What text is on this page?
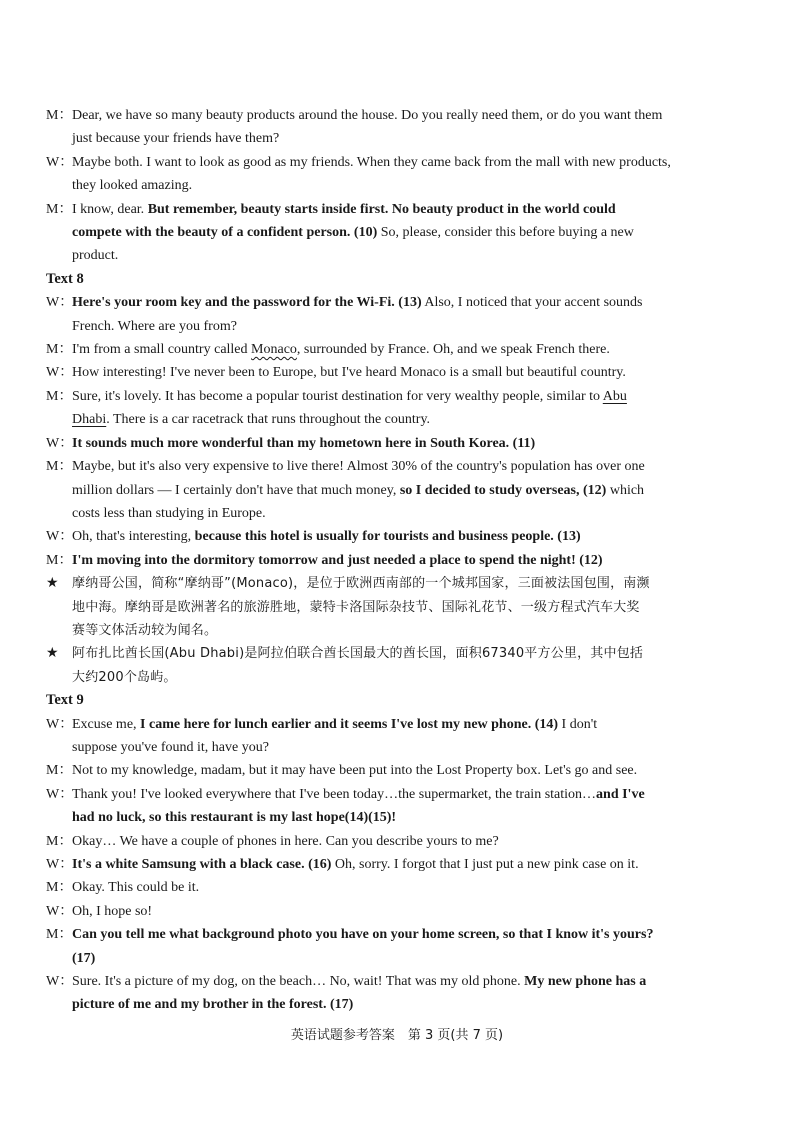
M： Dear, we have so many beauty products around the house. Do you really need them, or do you want them
just because your friends have them?
W：
Maybe both. I want to look as good as my friends. When they came back from the mall with new products,
they looked amazing.
M： I know, dear. But remember, beauty starts inside first. No beauty product in the world could
compete with the beauty of a confident person. (10) So, please, consider this before buying a new
product.
Text 8
W：
Here's your room key and the password for the Wi-Fi. (13) Also, I noticed that your accent sounds
French. Where are you from?
M： I'm from a small country called Monaco, surrounded by France. Oh, and we speak French there.
W：
How interesting! I've never been to Europe, but I've heard Monaco is a small but beautiful country.
M： Sure, it's lovely. It has become a popular tourist destination for very wealthy people, similar to Abu
Dhabi. There is a car racetrack that runs throughout the country.
W：
It sounds much more wonderful than my hometown here in South Korea. (11)
M： Maybe, but it's also very expensive to live there! Almost 30% of the country's population has over one
million dollars — I certainly don't have that much money, so I decided to study overseas, (12) which
costs less than studying in Europe.
W：
Oh, that's interesting, because this hotel is usually for tourists and business people. (13)
M： I'm moving into the dormitory tomorrow and just needed a place to spend the night! (12)
★ 摩纳哥公国，简称“摩纳哥”(Monaco)，是位于欧洲西南部的一个城邦国家，三面被法国包围，南濒
地中海。摩纳哥是欧洲著名的旅游胜地，蒙特卡洛国际杂技节、国际礼花节、一级方程式汽车大奖
赛等文体活动较为闻名。
★ 阿布扎比酋长国(Abu Dhabi)是阿拉伯联合酋长国最大的酋长国，面积67340平方公里，其中包括
大约200个岛屿。
Text 9
W：
Excuse me, I came here for lunch earlier and it seems I've lost my new phone. (14) I don't
suppose you've found it, have you?
M： Not to my knowledge, madam, but it may have been put into the Lost Property box. Let's go and see.
W：
Thank you! I've looked everywhere that I've been today…the supermarket, the train station…and I've
had no luck, so this restaurant is my last hope(14)(15)!
M： Okay… We have a couple of phones in here. Can you describe yours to me?
W：
It's a white Samsung with a black case. (16) Oh, sorry. I forgot that I just put a new pink case on it.
M： Okay. This could be it.
W：
Oh, I hope so!
M： Can you tell me what background photo you have on your home screen, so that I know it's yours?
(17)
W：
Sure. It's a picture of my dog, on the beach… No, wait! That was my old phone. My new phone has a
picture of me and my brother in the forest. (17)
英语试题参考答案　第 3 页(共 7 页)
